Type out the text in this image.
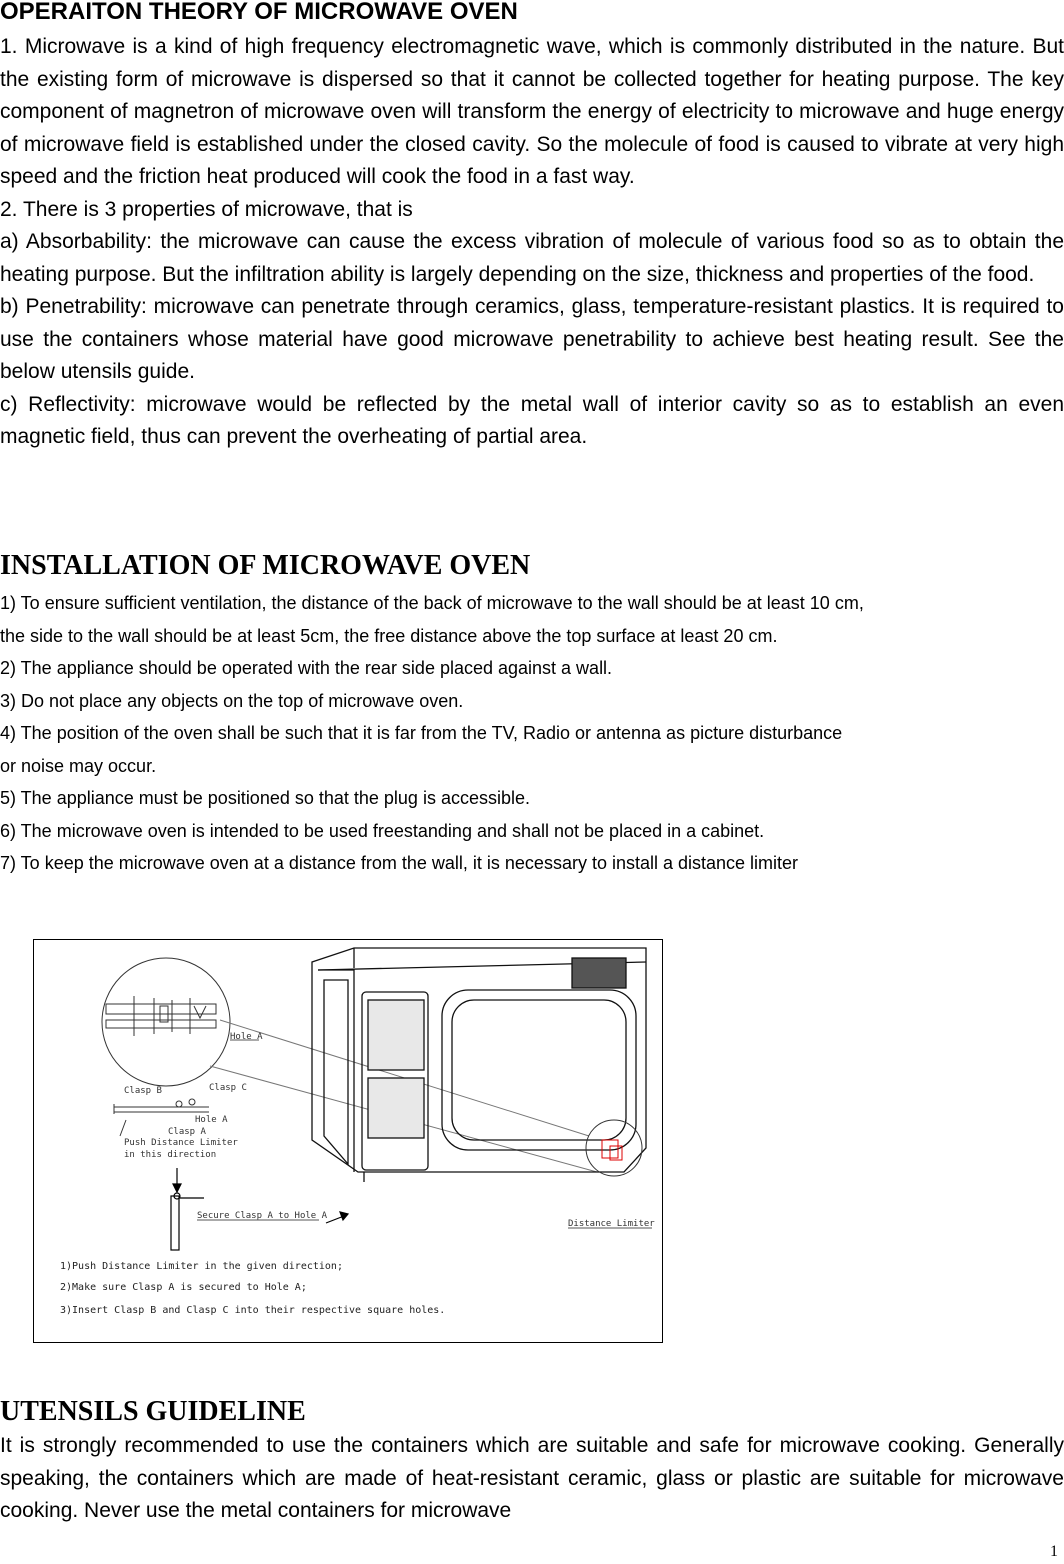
OPERAITON THEORY OF MICROWAVE OVEN

1. Microwave is a kind of high frequency electromagnetic wave, which is commonly distributed in the nature. But the existing form of microwave is dispersed so that it cannot be collected together for heating purpose. The key component of magnetron of microwave oven will transform the energy of electricity to microwave and huge energy of microwave field is established under the closed cavity. So the molecule of food is caused to vibrate at very high speed and the friction heat produced will cook the food in a fast way.

2. There is 3 properties of microwave, that is

a) Absorbability: the microwave can cause the excess vibration of molecule of various food so as to obtain the heating purpose. But the infiltration ability is largely depending on the size, thickness and properties of the food.

b) Penetrability: microwave can penetrate through ceramics, glass, temperature-resistant plastics. It is required to use the containers whose material have good microwave penetrability to achieve best heating result. See the below utensils guide.

c) Reflectivity: microwave would be reflected by the metal wall of interior cavity so as to establish an even magnetic field, thus can prevent the overheating of partial area.

INSTALLATION OF MICROWAVE OVEN

1) To ensure sufficient ventilation, the distance of the back of microwave to the wall should be at least 10 cm,

the side to the wall should be at least 5cm, the free distance above the top surface at least 20 cm.

2) The appliance should be operated with the rear side placed against a wall.

3) Do not place any objects on the top of microwave oven.

4) The position of the oven shall be such that it is far from the TV, Radio or antenna as picture disturbance

or noise may occur.

5) The appliance must be positioned so that the plug is accessible.

6) The microwave oven is intended to be used freestanding and shall not be placed in a cabinet.

7) To keep the microwave oven at a distance from the wall, it is necessary to install a distance limiter

Hole A
Clasp B	Clasp C
Hole A
Clasp A
Push Distance Limiter
in this direction
Secure Clasp A to Hole A
Distance Limiter
1)Push Distance Limiter in the given direction;
2)Make sure Clasp A is secured to Hole A;
3)Insert Clasp B and Clasp C into their respective square holes.
UTENSILS GUIDELINE

It is strongly recommended to use the containers which are suitable and safe for microwave cooking. Generally speaking, the containers which are made of heat-resistant ceramic, glass or plastic are suitable for microwave cooking. Never use the metal containers for microwave

1
